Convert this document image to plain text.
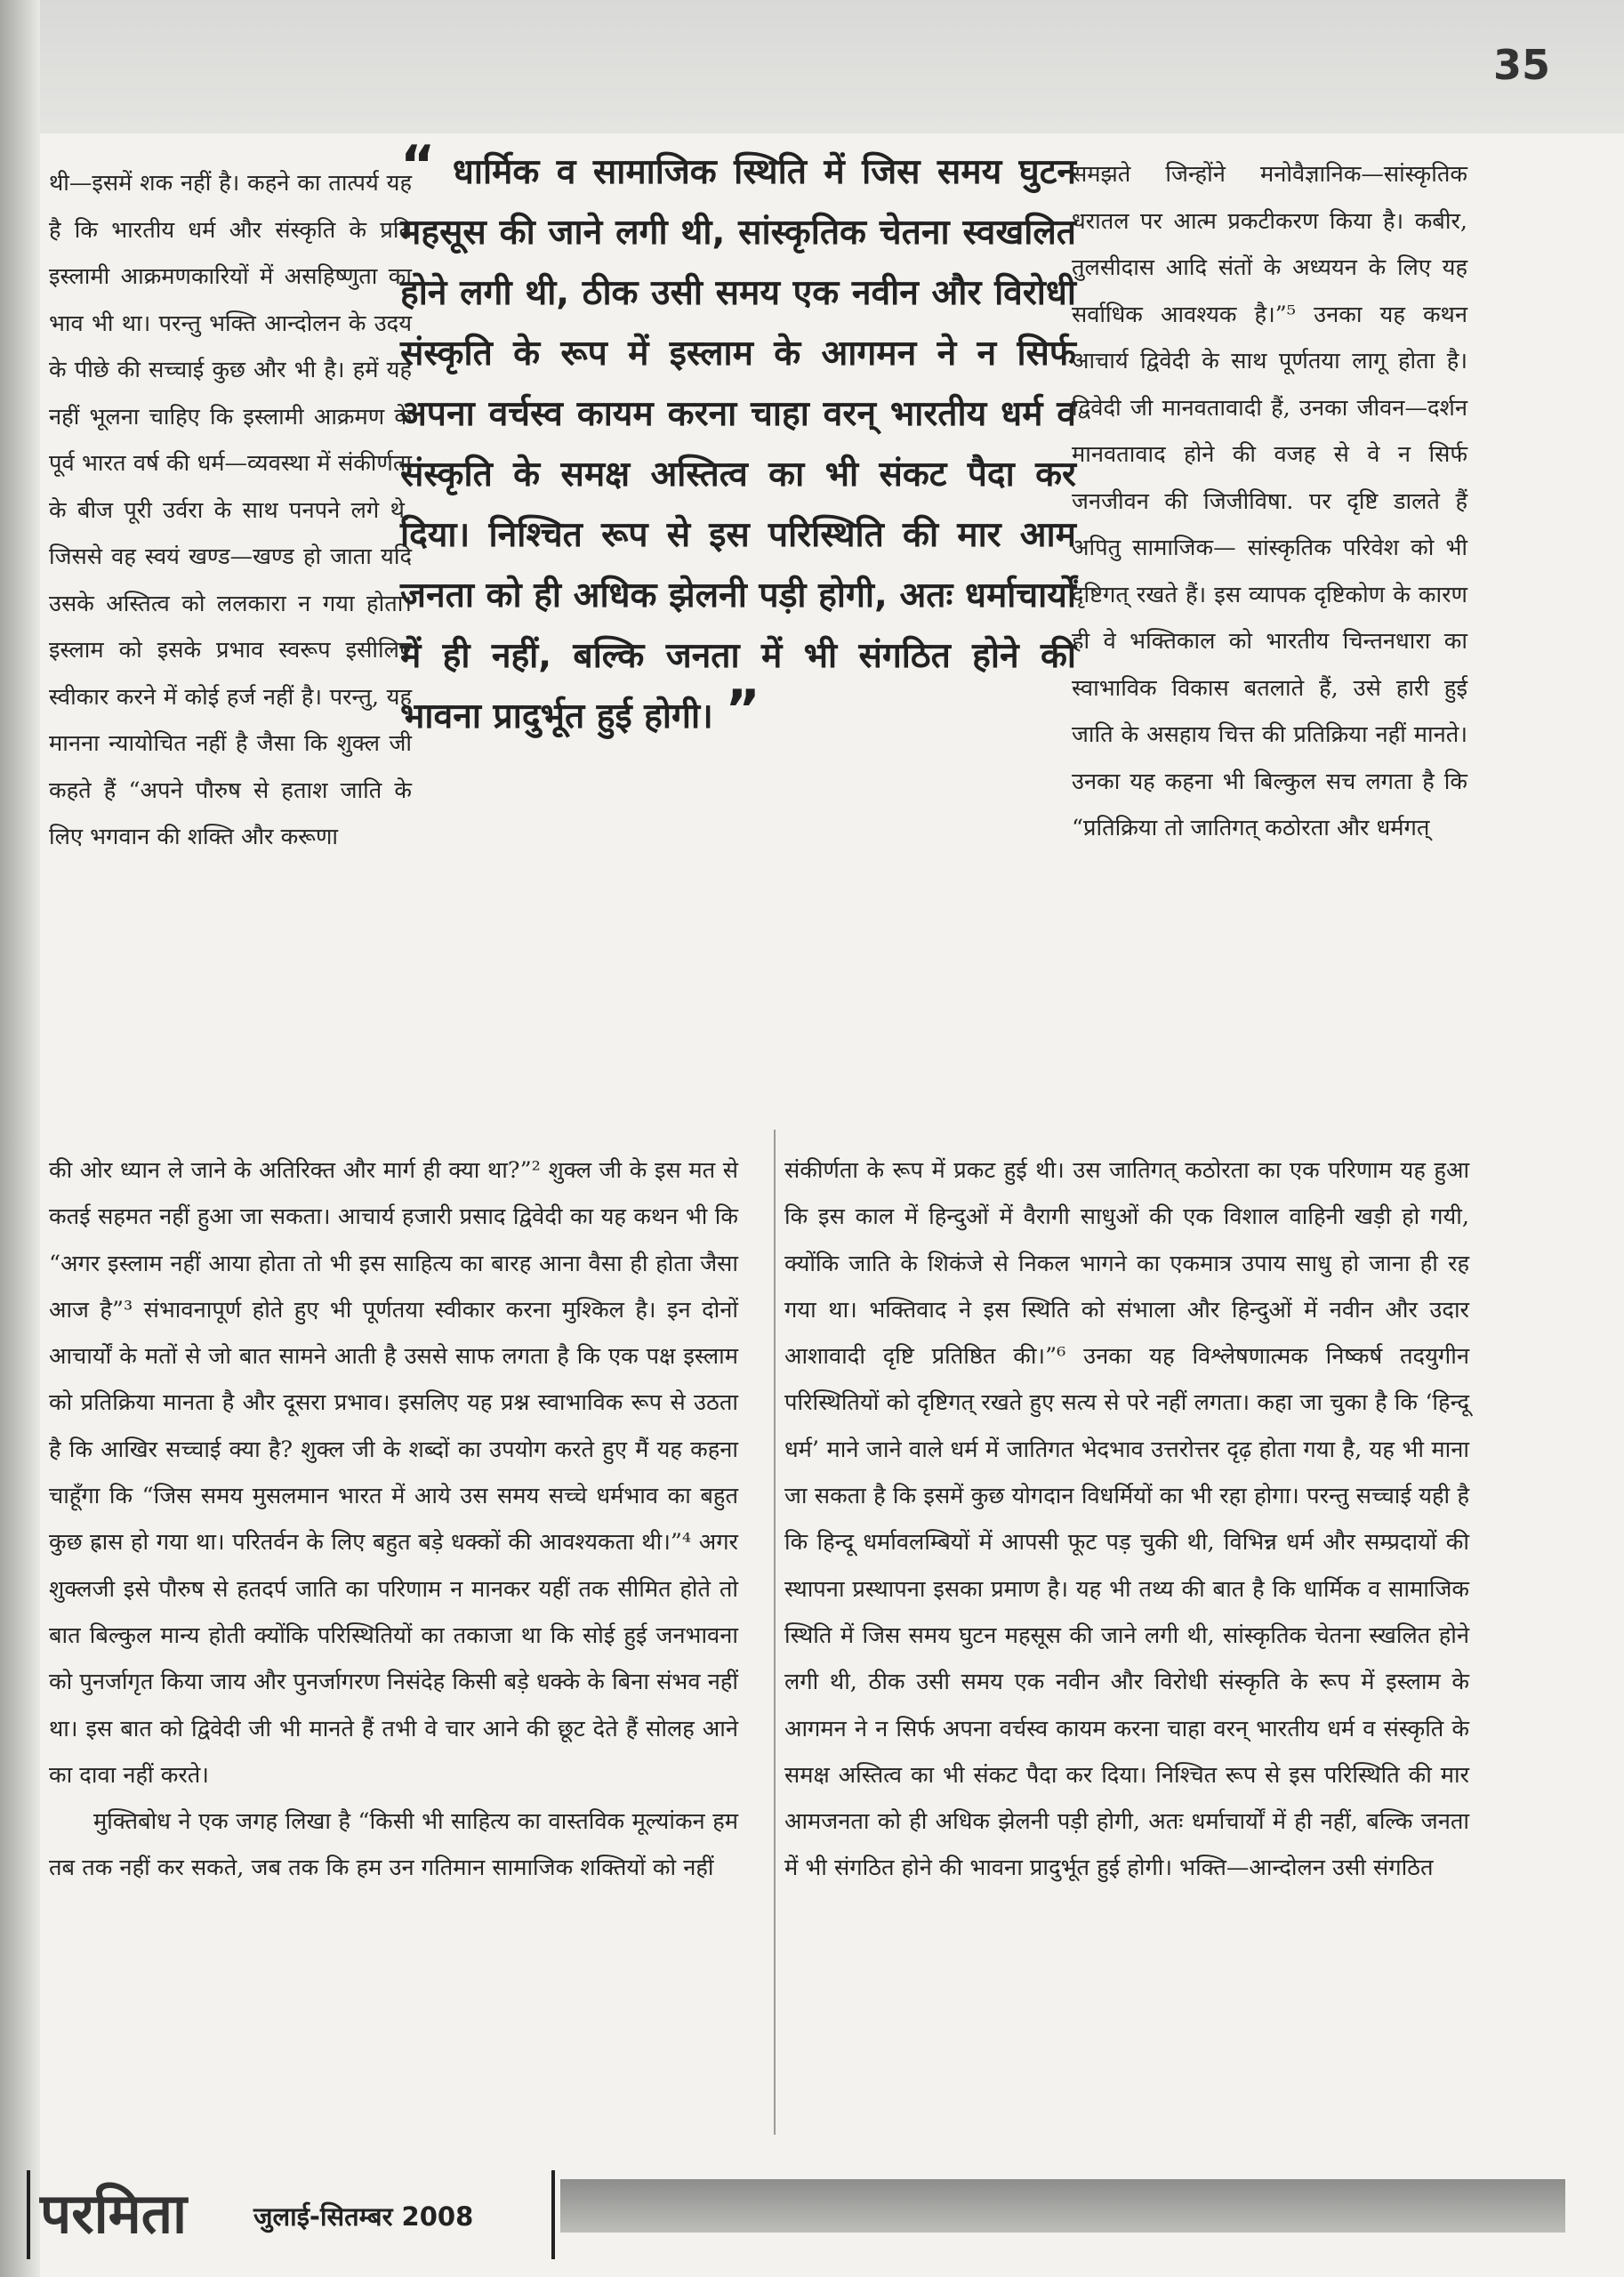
35

थी—इसमें शक नहीं है। कहने का तात्पर्य यह है कि भारतीय धर्म और संस्कृति के प्रति इस्लामी आक्रमणकारियों में असहिष्णुता का भाव भी था। परन्तु भक्ति आन्दोलन के उदय के पीछे की सच्चाई कुछ और भी है। हमें यह नहीं भूलना चाहिए कि इस्लामी आक्रमण के पूर्व भारत वर्ष की धर्म—व्यवस्था में संकीर्णता के बीज पूरी उर्वरा के साथ पनपने लगे थे, जिससे वह स्वयं खण्ड—खण्ड हो जाता यदि उसके अस्तित्व को ललकारा न गया होता। इस्लाम को इसके प्रभाव स्वरूप इसीलिए स्वीकार करने में कोई हर्ज नहीं है। परन्तु, यह मानना न्यायोचित नहीं है जैसा कि शुक्ल जी कहते हैं “अपने पौरुष से हताश जाति के लिए भगवान की शक्ति और करूणा

“ धार्मिक व सामाजिक स्थिति में जिस समय घुटन महसूस की जाने लगी थी, सांस्कृतिक चेतना स्वखलित होने लगी थी, ठीक उसी समय एक नवीन और विरोधी संस्कृति के रूप में इस्लाम के आगमन ने न सिर्फ अपना वर्चस्व कायम करना चाहा वरन् भारतीय धर्म व संस्कृति के समक्ष अस्तित्व का भी संकट पैदा कर दिया। निश्चित रूप से इस परिस्थिति की मार आम जनता को ही अधिक झेलनी पड़ी होगी, अतः धर्माचार्यों में ही नहीं, बल्कि जनता में भी संगठित होने की भावना प्रादुर्भूत हुई होगी। ”

समझते जिन्होंने मनोवैज्ञानिक—सांस्कृतिक धरातल पर आत्म प्रकटीकरण किया है। कबीर, तुलसीदास आदि संतों के अध्ययन के लिए यह सर्वाधिक आवश्यक है।”⁵ उनका यह कथन आचार्य द्विवेदी के साथ पूर्णतया लागू होता है। द्विवेदी जी मानवतावादी हैं, उनका जीवन—दर्शन मानवतावाद होने की वजह से वे न सिर्फ जनजीवन की जिजीविषा. पर दृष्टि डालते हैं अपितु सामाजिक— सांस्कृतिक परिवेश को भी दृष्टिगत् रखते हैं। इस व्यापक दृष्टिकोण के कारण ही वे भक्तिकाल को भारतीय चिन्तनधारा का स्वाभाविक विकास बतलाते हैं, उसे हारी हुई जाति के असहाय चित्त की प्रतिक्रिया नहीं मानते। उनका यह कहना भी बिल्कुल सच लगता है कि “प्रतिक्रिया तो जातिगत् कठोरता और धर्मगत्

की ओर ध्यान ले जाने के अतिरिक्त और मार्ग ही क्या था?”² शुक्ल जी के इस मत से कतई सहमत नहीं हुआ जा सकता। आचार्य हजारी प्रसाद द्विवेदी का यह कथन भी कि “अगर इस्लाम नहीं आया होता तो भी इस साहित्य का बारह आना वैसा ही होता जैसा आज है”³ संभावनापूर्ण होते हुए भी पूर्णतया स्वीकार करना मुश्किल है। इन दोनों आचार्यों के मतों से जो बात सामने आती है उससे साफ लगता है कि एक पक्ष इस्लाम को प्रतिक्रिया मानता है और दूसरा प्रभाव। इसलिए यह प्रश्न स्वाभाविक रूप से उठता है कि आखिर सच्चाई क्या है? शुक्ल जी के शब्दों का उपयोग करते हुए मैं यह कहना चाहूँगा कि “जिस समय मुसलमान भारत में आये उस समय सच्चे धर्मभाव का बहुत कुछ ह्रास हो गया था। परितर्वन के लिए बहुत बड़े धक्कों की आवश्यकता थी।”⁴ अगर शुक्लजी इसे पौरुष से हतदर्प जाति का परिणाम न मानकर यहीं तक सीमित होते तो बात बिल्कुल मान्य होती क्योंकि परिस्थितियों का तकाजा था कि सोई हुई जनभावना को पुनर्जागृत किया जाय और पुनर्जागरण निसंदेह किसी बड़े धक्के के बिना संभव नहीं था। इस बात को द्विवेदी जी भी मानते हैं तभी वे चार आने की छूट देते हैं सोलह आने का दावा नहीं करते।

मुक्तिबोध ने एक जगह लिखा है “किसी भी साहित्य का वास्तविक मूल्यांकन हम तब तक नहीं कर सकते, जब तक कि हम उन गतिमान सामाजिक शक्तियों को नहीं

संकीर्णता के रूप में प्रकट हुई थी। उस जातिगत् कठोरता का एक परिणाम यह हुआ कि इस काल में हिन्दुओं में वैरागी साधुओं की एक विशाल वाहिनी खड़ी हो गयी, क्योंकि जाति के शिकंजे से निकल भागने का एकमात्र उपाय साधु हो जाना ही रह गया था। भक्तिवाद ने इस स्थिति को संभाला और हिन्दुओं में नवीन और उदार आशावादी दृष्टि प्रतिष्ठित की।”⁶ उनका यह विश्लेषणात्मक निष्कर्ष तदयुगीन परिस्थितियों को दृष्टिगत् रखते हुए सत्य से परे नहीं लगता। कहा जा चुका है कि ‘हिन्दू धर्म’ माने जाने वाले धर्म में जातिगत भेदभाव उत्तरोत्तर दृढ़ होता गया है, यह भी माना जा सकता है कि इसमें कुछ योगदान विधर्मियों का भी रहा होगा। परन्तु सच्चाई यही है कि हिन्दू धर्मावलम्बियों में आपसी फूट पड़ चुकी थी, विभिन्न धर्म और सम्प्रदायों की स्थापना प्रस्थापना इसका प्रमाण है। यह भी तथ्य की बात है कि धार्मिक व सामाजिक स्थिति में जिस समय घुटन महसूस की जाने लगी थी, सांस्कृतिक चेतना स्खलित होने लगी थी, ठीक उसी समय एक नवीन और विरोधी संस्कृति के रूप में इस्लाम के आगमन ने न सिर्फ अपना वर्चस्व कायम करना चाहा वरन् भारतीय धर्म व संस्कृति के समक्ष अस्तित्व का भी संकट पैदा कर दिया। निश्चित रूप से इस परिस्थिति की मार आमजनता को ही अधिक झेलनी पड़ी होगी, अतः धर्माचार्यों में ही नहीं, बल्कि जनता में भी संगठित होने की भावना प्रादुर्भूत हुई होगी। भक्ति—आन्दोलन उसी संगठित

परमिता	जुलाई-सितम्बर 2008
